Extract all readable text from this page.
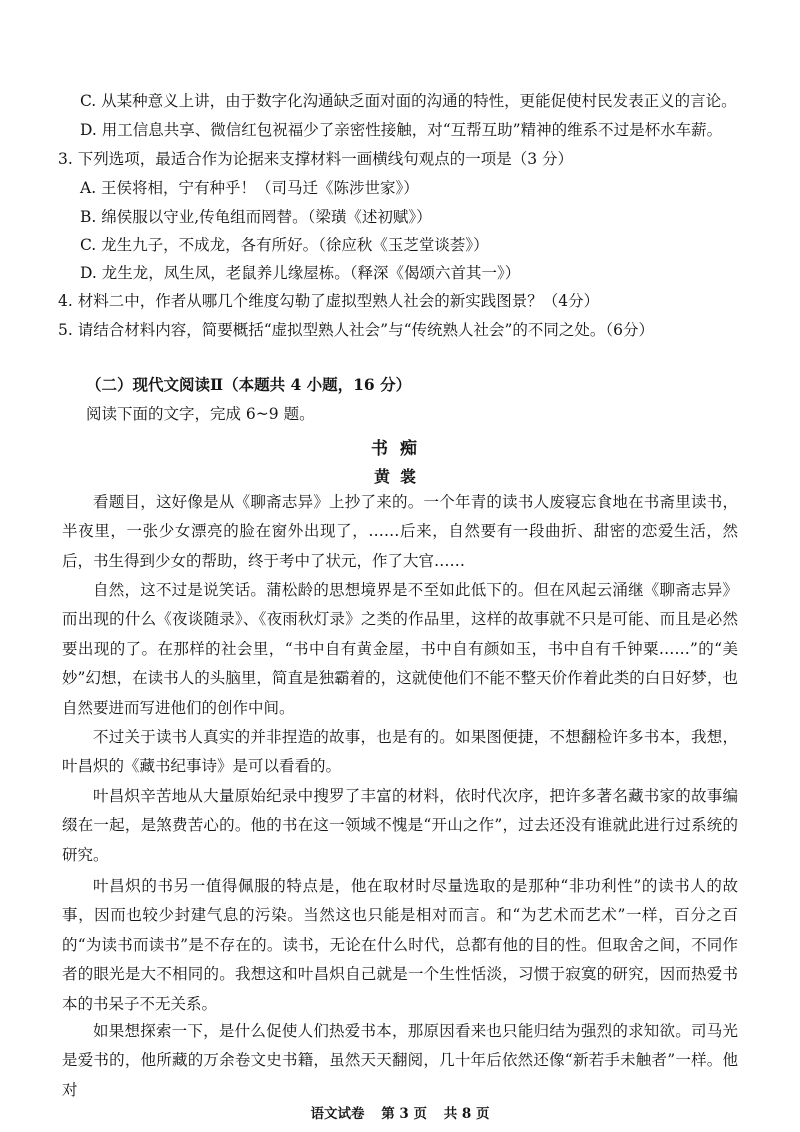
C. 从某种意义上讲，由于数字化沟通缺乏面对面的沟通的特性，更能促使村民发表正义的言论。
D. 用工信息共享、微信红包祝福少了亲密性接触，对“互帮互助”精神的维系不过是杯水车薪。
3. 下列选项，最适合作为论据来支撑材料一画横线句观点的一项是（3 分）
A. 王侯将相，宁有种乎！（司马迁《陈涉世家》）
B. 绵侯服以守业,传龟组而罔替。（梁璜《述初赋》）
C. 龙生九子，不成龙，各有所好。（徐应秋《玉芝堂谈荟》）
D. 龙生龙，凤生凤，老鼠养儿缘屋栋。（释深《偈颂六首其一》）
4. 材料二中，作者从哪几个维度勾勒了虚拟型熟人社会的新实践图景？（4分）
5. 请结合材料内容，简要概括“虚拟型熟人社会”与“传统熟人社会”的不同之处。（6分）
（二）现代文阅读Ⅱ（本题共 4 小题，16 分）
阅读下面的文字，完成 6~9 题。
书痴
黄裳
看题目，这好像是从《聊斋志异》上抄了来的。一个年青的读书人废寝忘食地在书斋里读书，半夜里，一张少女漂亮的脸在窗外出现了，……后来，自然要有一段曲折、甜密的恋爱生活，然后，书生得到少女的帮助，终于考中了状元，作了大官……
自然，这不过是说笑话。蒲松龄的思想境界是不至如此低下的。但在风起云涌继《聊斋志异》而出现的什么《夜谈随录》、《夜雨秋灯录》之类的作品里，这样的故事就不只是可能、而且是必然要出现的了。在那样的社会里，“书中自有黄金屋，书中自有颜如玉，书中自有千钟粟……”的“美妙”幻想，在读书人的头脑里，简直是独霸着的，这就使他们不能不整天价作着此类的白日好梦，也自然要进而写进他们的创作中间。
不过关于读书人真实的并非捏造的故事，也是有的。如果图便捷，不想翻检许多书本，我想，叶昌炽的《藏书纪事诗》是可以看看的。
叶昌炽辛苦地从大量原始纪录中搜罗了丰富的材料，依时代次序，把许多著名藏书家的故事编缀在一起，是煞费苦心的。他的书在这一领域不愧是“开山之作”，过去还没有谁就此进行过系统的研究。
叶昌炽的书另一值得佩服的特点是，他在取材时尽量选取的是那种“非功利性”的读书人的故事，因而也较少封建气息的污染。当然这也只能是相对而言。和“为艺术而艺术”一样，百分之百的“为读书而读书”是不存在的。读书，无论在什么时代，总都有他的目的性。但取舍之间，不同作者的眼光是大不相同的。我想这和叶昌炽自己就是一个生性恬淡，习惯于寂寞的研究，因而热爱书本的书呆子不无关系。
如果想探索一下，是什么促使人们热爱书本，那原因看来也只能归结为强烈的求知欲。司马光是爱书的，他所藏的万余卷文史书籍，虽然天天翻阅，几十年后依然还像“新若手未触者”一样。他对
语文试卷 第 3 页 共 8 页
